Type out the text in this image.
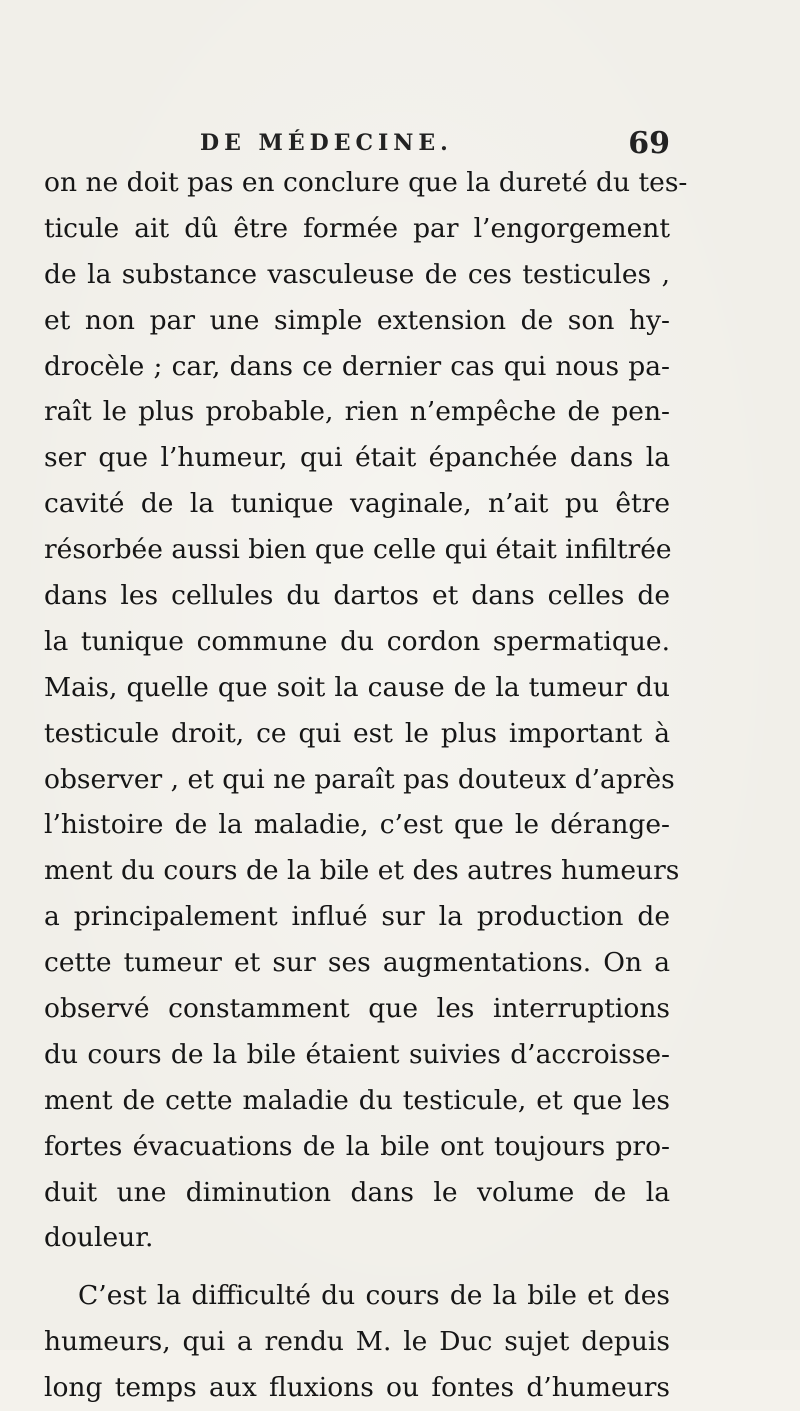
DE MÉDECINE.	69
on ne doit pas en conclure que la dureté du tes-
ticule ait dû être formée par l’engorgement
de la substance vasculeuse de ces testicules ,
et non par une simple extension de son hy-
drocèle ; car, dans ce dernier cas qui nous pa-
raît le plus probable, rien n’empêche de pen-
ser que l’humeur, qui était épanchée dans la
cavité de la tunique vaginale, n’ait pu être
résorbée aussi bien que celle qui était infiltrée
dans les cellules du dartos et dans celles de
la tunique commune du cordon spermatique.
Mais, quelle que soit la cause de la tumeur du
testicule droit, ce qui est le plus important à
observer , et qui ne paraît pas douteux d’après
l’histoire de la maladie, c’est que le dérange-
ment du cours de la bile et des autres humeurs
a principalement influé sur la production de
cette tumeur et sur ses augmentations. On a
observé constamment que les interruptions
du cours de la bile étaient suivies d’accroisse-
ment de cette maladie du testicule, et que les
fortes évacuations de la bile ont toujours pro-
duit une diminution dans le volume de la
douleur.
C’est la difficulté du cours de la bile et des
humeurs, qui a rendu M. le Duc sujet depuis
long temps aux fluxions ou fontes d’humeurs
